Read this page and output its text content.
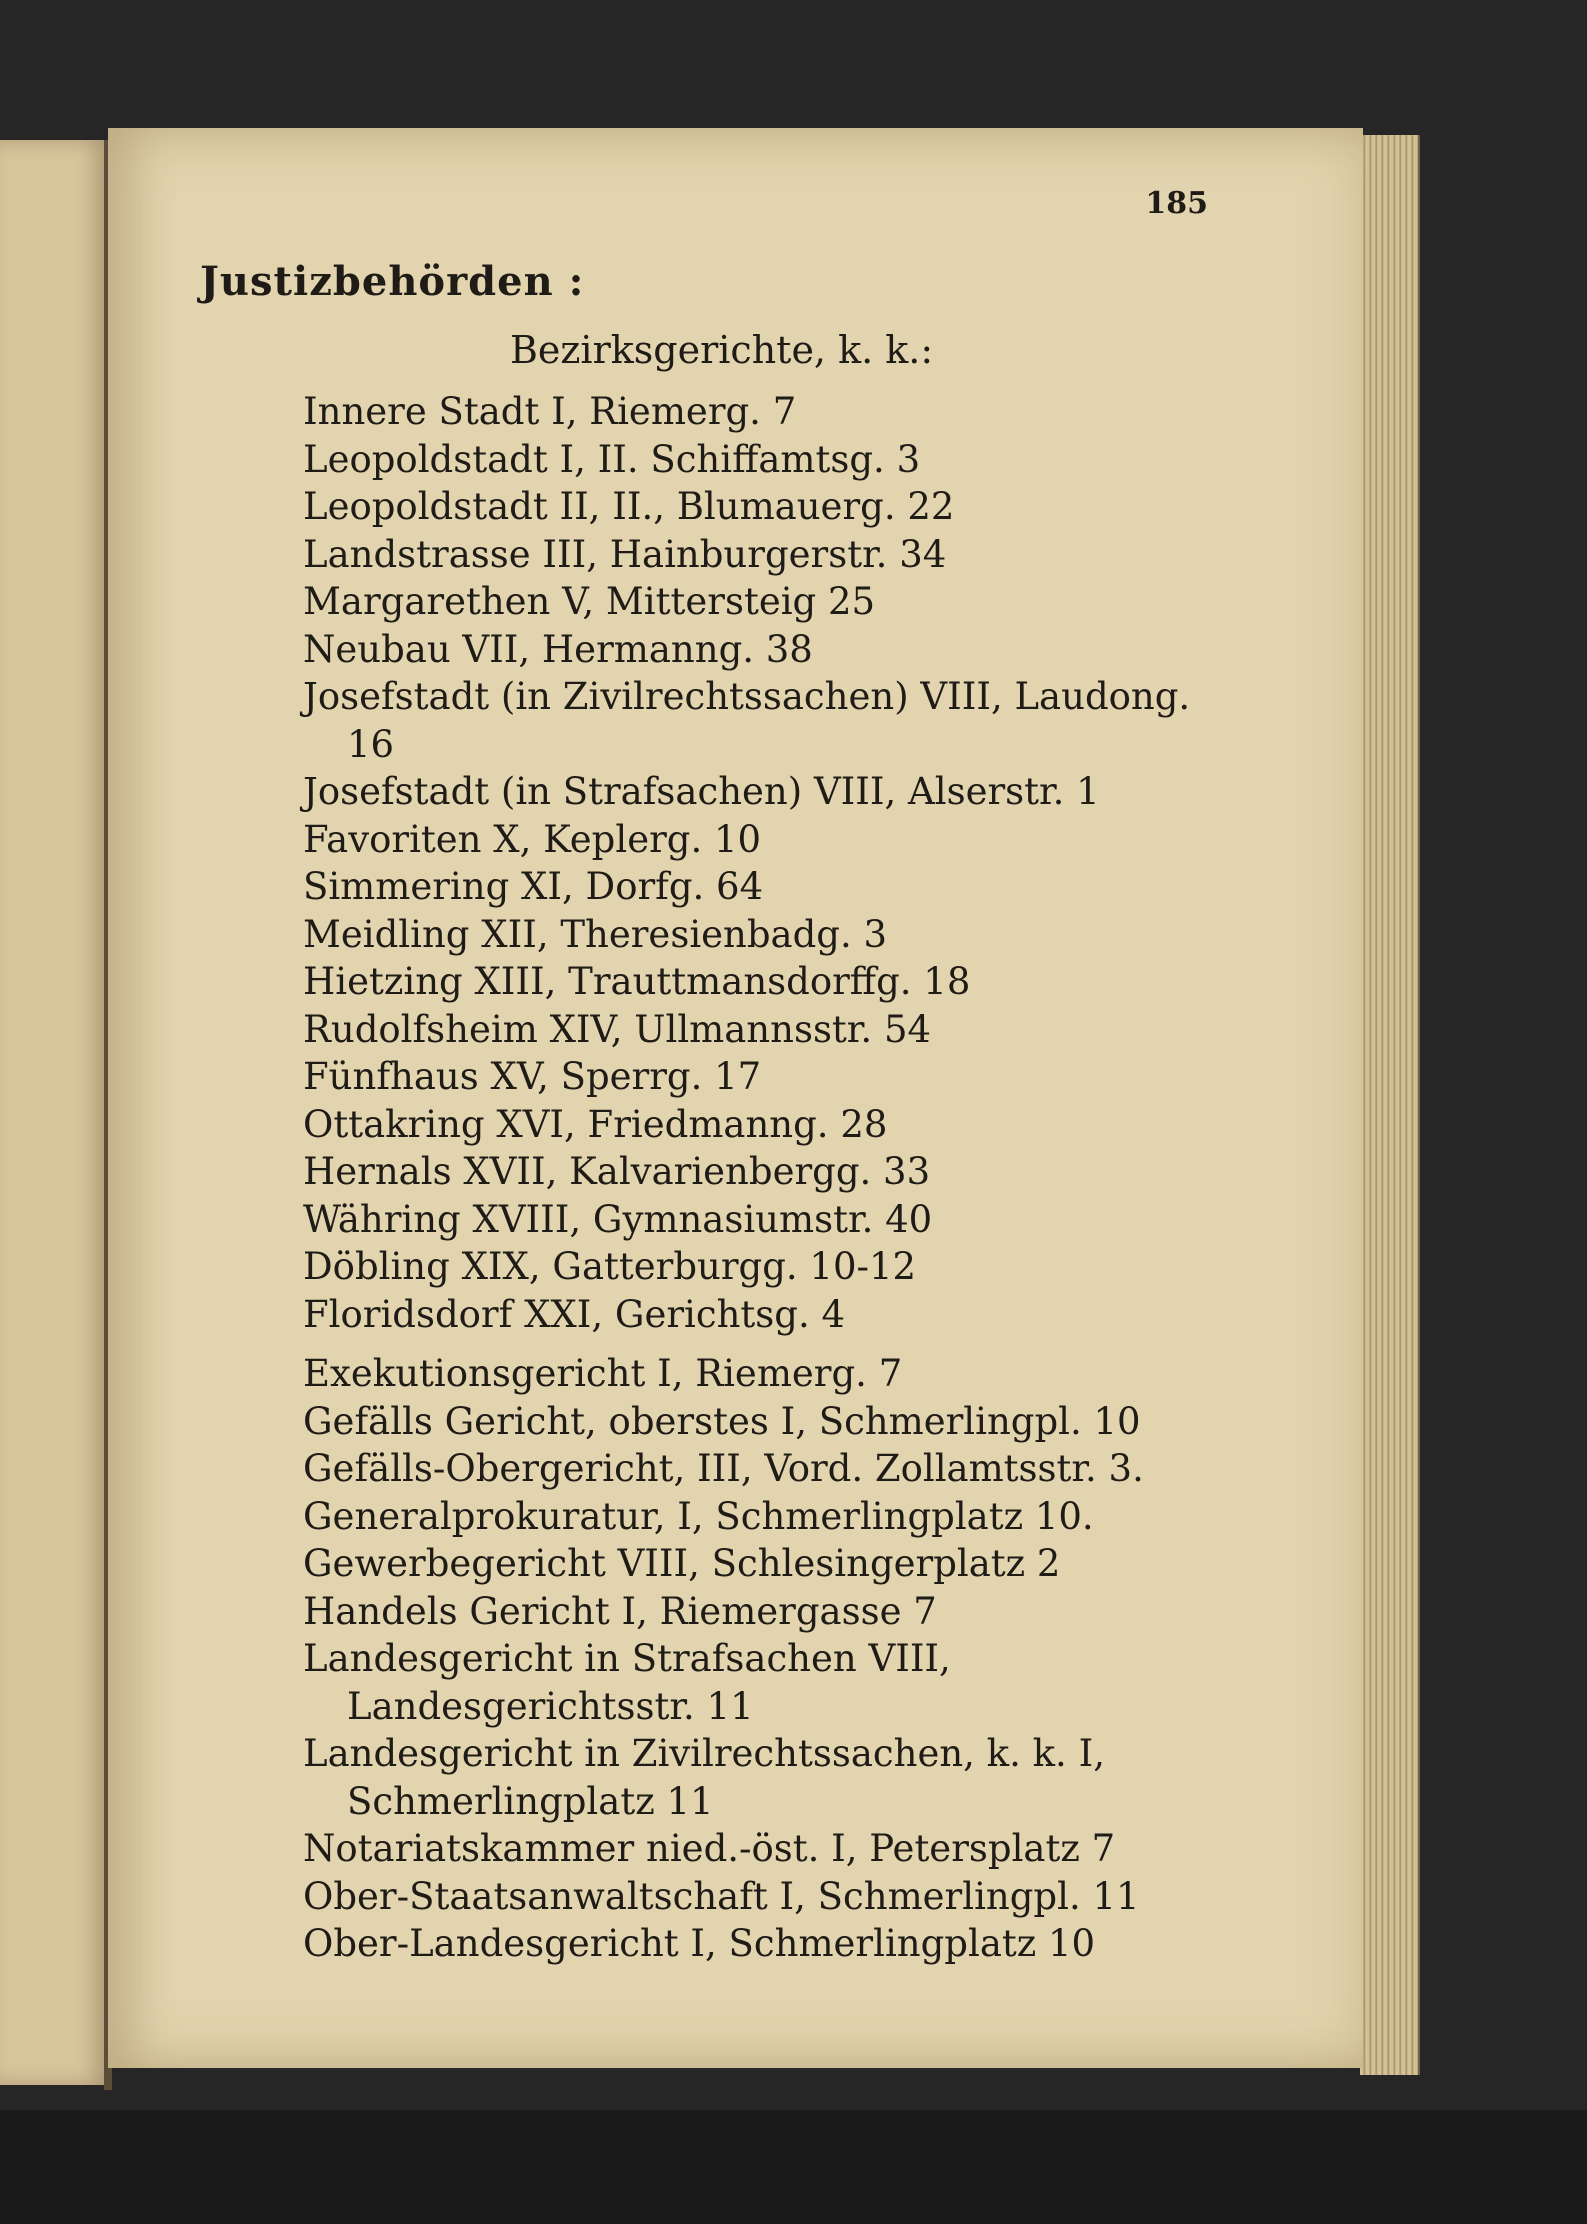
185

Justizbehörden :
Bezirksgerichte, k. k.:
Innere Stadt I, Riemerg. 7
Leopoldstadt I, II. Schiffamtsg. 3
Leopoldstadt II, II., Blumauerg. 22
Landstrasse III, Hainburgerstr. 34
Margarethen V, Mittersteig 25
Neubau VII, Hermanng. 38
Josefstadt (in Zivilrechtssachen) VIII, Laudong. 16
Josefstadt (in Strafsachen) VIII, Alserstr. 1
Favoriten X, Keplerg. 10
Simmering XI, Dorfg. 64
Meidling XII, Theresienbadg. 3
Hietzing XIII, Trauttmansdorffg. 18
Rudolfsheim XIV, Ullmannsstr. 54
Fünfhaus XV, Sperrg. 17
Ottakring XVI, Friedmanng. 28
Hernals XVII, Kalvarienbergg. 33
Währing XVIII, Gymnasiumstr. 40
Döbling XIX, Gatterburgg. 10-12
Floridsdorf XXI, Gerichtsg. 4
Exekutionsgericht I, Riemerg. 7
Gefälls Gericht, oberstes I, Schmerlingpl. 10
Gefälls-Obergericht, III, Vord. Zollamtsstr. 3.
Generalprokuratur, I, Schmerlingplatz 10.
Gewerbegericht VIII, Schlesingerplatz 2
Handels Gericht I, Riemergasse 7
Landesgericht in Strafsachen VIII, Landesgerichtsstr. 11
Landesgericht in Zivilrechtssachen, k. k. I, Schmerlingplatz 11
Notariatskammer nied.-öst. I, Petersplatz 7
Ober-Staatsanwaltschaft I, Schmerlingpl. 11
Ober-Landesgericht I, Schmerlingplatz 10
